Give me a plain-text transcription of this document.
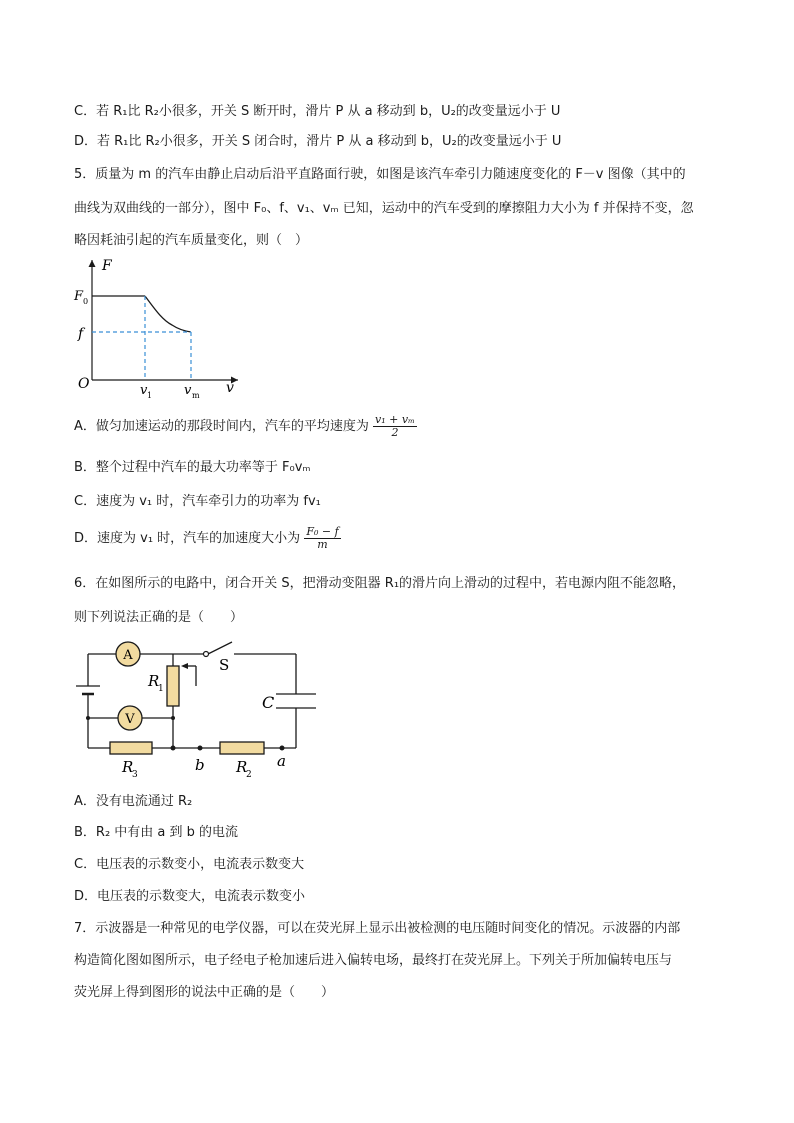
C．若 R₁比 R₂小很多，开关 S 断开时，滑片 P 从 a 移动到 b，U₂的改变量远小于 U
D．若 R₁比 R₂小很多，开关 S 闭合时，滑片 P 从 a 移动到 b，U₂的改变量远小于 U
5．质量为 m 的汽车由静止启动后沿平直路面行驶，如图是该汽车牵引力随速度变化的 F－v 图像（其中的
曲线为双曲线的一部分），图中 F₀、f、v₁、vₘ 已知，运动中的汽车受到的摩擦阻力大小为 f 并保持不变，忽
略因耗油引起的汽车质量变化，则（　）
F
v
O
F 0
f
v 1 v m
A．做匀加速运动的那段时间内，汽车的平均速度为 $\frac{\text{v₁ + vₘ}}{2}$
B．整个过程中汽车的最大功率等于 F₀vₘ
C．速度为 v₁ 时，汽车牵引力的功率为 fv₁
D．速度为 v₁ 时，汽车的加速度大小为 $\frac{\text{F₀ − f}}{m}$
6．在如图所示的电路中，闭合开关 S，把滑动变阻器 R₁的滑片向上滑动的过程中，若电源内阻不能忽略，
则下列说法正确的是（　　）
A
V
S
R
1
C
R
3	R
2
b	a
A．没有电流通过 R₂
B．R₂ 中有由 a 到 b 的电流
C．电压表的示数变小，电流表示数变大
D．电压表的示数变大，电流表示数变小
7．示波器是一种常见的电学仪器，可以在荧光屏上显示出被检测的电压随时间变化的情况。示波器的内部
构造简化图如图所示，电子经电子枪加速后进入偏转电场，最终打在荧光屏上。下列关于所加偏转电压与
荧光屏上得到图形的说法中正确的是（　　）
